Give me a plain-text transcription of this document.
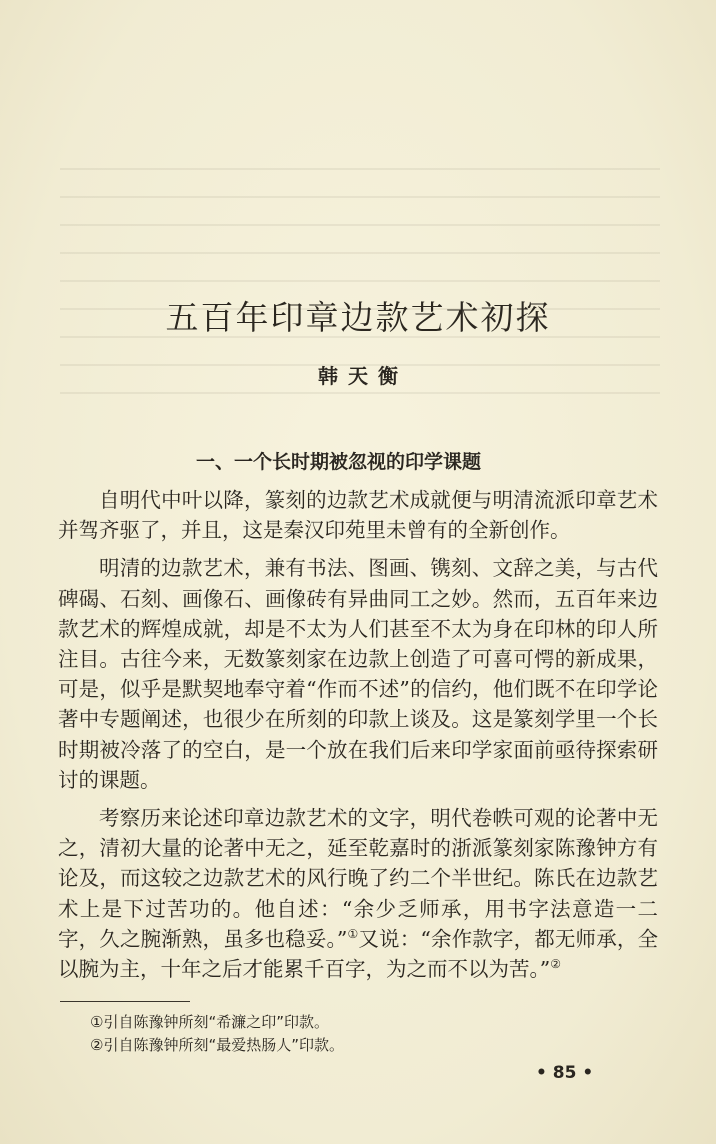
五百年印章边款艺术初探
韩天衡
一、一个长时期被忽视的印学课题

自明代中叶以降，篆刻的边款艺术成就便与明清流派印章艺术并驾齐驱了，并且，这是秦汉印苑里未曾有的全新创作。

明清的边款艺术，兼有书法、图画、镌刻、文辞之美，与古代碑碣、石刻、画像石、画像砖有异曲同工之妙。然而，五百年来边款艺术的辉煌成就，却是不太为人们甚至不太为身在印林的印人所注目。古往今来，无数篆刻家在边款上创造了可喜可愕的新成果，可是，似乎是默契地奉守着“作而不述”的信约，他们既不在印学论著中专题阐述，也很少在所刻的印款上谈及。这是篆刻学里一个长时期被冷落了的空白，是一个放在我们后来印学家面前亟待探索研讨的课题。

考察历来论述印章边款艺术的文字，明代卷帙可观的论著中无之，清初大量的论著中无之，延至乾嘉时的浙派篆刻家陈豫钟方有论及，而这较之边款艺术的风行晚了约二个半世纪。陈氏在边款艺术上是下过苦功的。他自述：“余少乏师承，用书字法意造一二字，久之腕渐熟，虽多也稳妥。”①又说：“余作款字，都无师承，全以腕为主，十年之后才能累千百字，为之而不以为苦。”②

①引自陈豫钟所刻“希濂之印”印款。
②引自陈豫钟所刻“最爱热肠人”印款。
• 85 •
